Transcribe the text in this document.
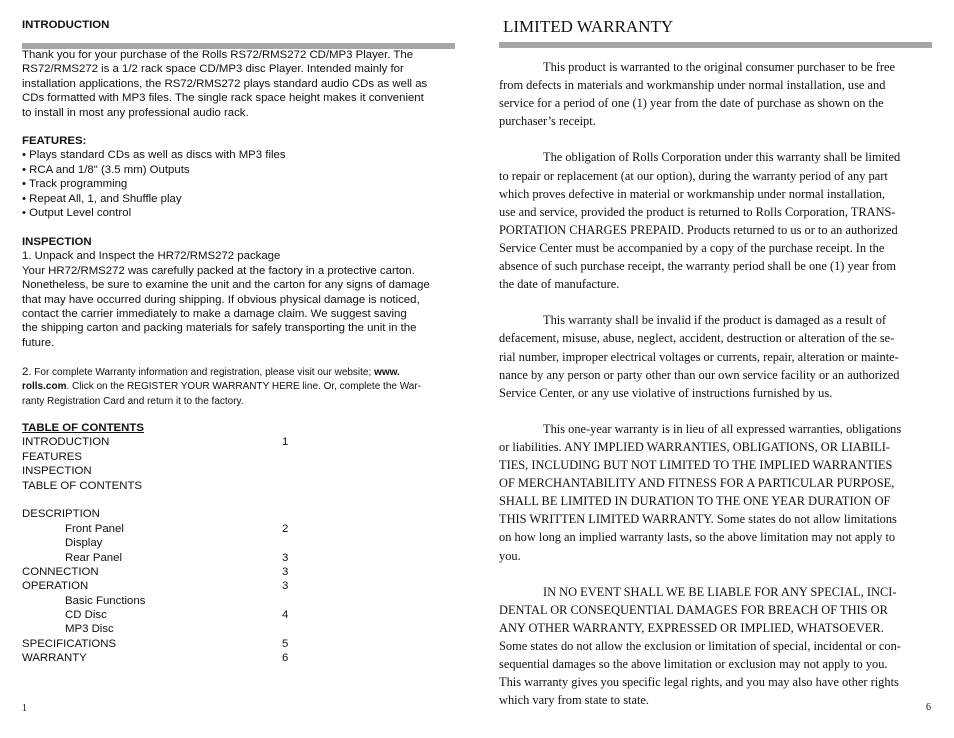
INTRODUCTION

Thank you for your purchase of the Rolls RS72/RMS272 CD/MP3 Player. The

RS72/RMS272 is a 1/2 rack space CD/MP3 disc Player. Intended mainly for

installation applications, the RS72/RMS272 plays standard audio CDs as well as

CDs formatted with MP3 files. The single rack space height makes it convenient

to install in most any professional audio rack.

FEATURES:

• Plays standard CDs as well as discs with MP3 files

• RCA and 1/8" (3.5 mm) Outputs

• Track programming

• Repeat All, 1, and Shuffle play

• Output Level control

INSPECTION

1. Unpack and Inspect the HR72/RMS272 package

Your HR72/RMS272 was carefully packed at the factory in a protective carton.

Nonetheless, be sure to examine the unit and the carton for any signs of damage

that may have occurred during shipping. If obvious physical damage is noticed,

contact the carrier immediately to make a damage claim. We suggest saving

the shipping carton and packing materials for safely transporting the unit in the

future.

2. For complete Warranty information and registration, please visit our website; www.

rolls.com. Click on the REGISTER YOUR WARRANTY HERE line. Or, complete the War-

ranty Registration Card and return it to the factory.

TABLE OF CONTENTS

INTRODUCTION	1
FEATURES
INSPECTION
TABLE OF CONTENTS
DESCRIPTION
Front Panel	2
Display
Rear Panel	3
CONNECTION	3
OPERATION	3
Basic Functions
CD Disc	4
MP3 Disc
SPECIFICATIONS	5
WARRANTY	6
1
LIMITED WARRANTY
This product is warranted to the original consumer purchaser to be free
from defects in materials and workmanship under normal installation, use and
service for a period of one (1) year from the date of purchase as shown on the
purchaser’s receipt.
The obligation of Rolls Corporation under this warranty shall be limited
to repair or replacement (at our option), during the warranty period of any part
which proves defective in material or workmanship under normal installation,
use and service, provided the product is returned to Rolls Corporation, TRANS-
PORTATION CHARGES PREPAID. Products returned to us or to an authorized
Service Center must be accompanied by a copy of the purchase receipt. In the
absence of such purchase receipt, the warranty period shall be one (1) year from
the date of manufacture.
This warranty shall be invalid if the product is damaged as a result of
defacement, misuse, abuse, neglect, accident, destruction or alteration of the se-
rial number, improper electrical voltages or currents, repair, alteration or mainte-
nance by any person or party other than our own service facility or an authorized
Service Center, or any use violative of instructions furnished by us.
This one-year warranty is in lieu of all expressed warranties, obligations
or liabilities. ANY IMPLIED WARRANTIES, OBLIGATIONS, OR LIABILI-
TIES, INCLUDING BUT NOT LIMITED TO THE IMPLIED WARRANTIES
OF MERCHANTABILITY AND FITNESS FOR A PARTICULAR PURPOSE,
SHALL BE LIMITED IN DURATION TO THE ONE YEAR DURATION OF
THIS WRITTEN LIMITED WARRANTY. Some states do not allow limitations
on how long an implied warranty lasts, so the above limitation may not apply to
you.
IN NO EVENT SHALL WE BE LIABLE FOR ANY SPECIAL, INCI-
DENTAL OR CONSEQUENTIAL DAMAGES FOR BREACH OF THIS OR
ANY OTHER WARRANTY, EXPRESSED OR IMPLIED, WHATSOEVER.
Some states do not allow the exclusion or limitation of special, incidental or con-
sequential damages so the above limitation or exclusion may not apply to you.
This warranty gives you specific legal rights, and you may also have other rights
which vary from state to state.
6
